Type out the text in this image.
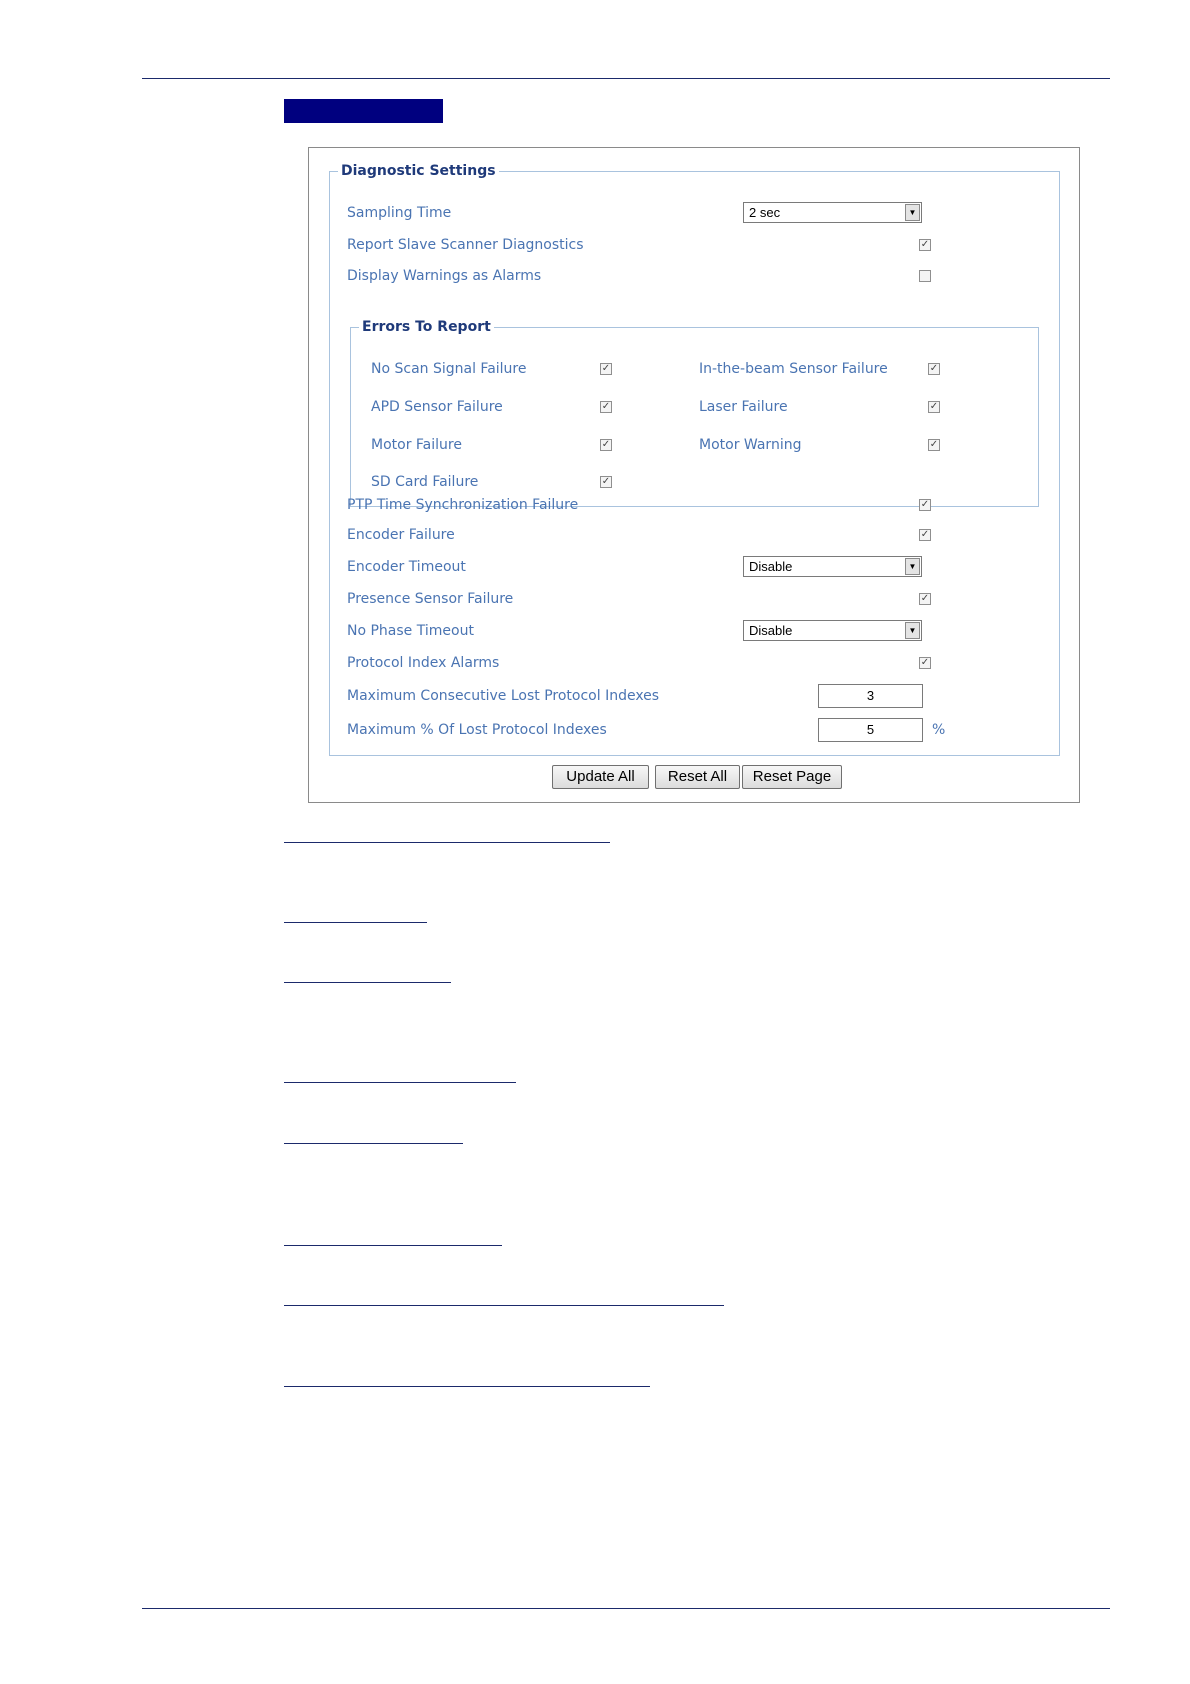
Diagnostic Settings
Sampling Time	2 sec	▼
Report Slave Scanner Diagnostics	✓
Display Warnings as Alarms
Errors To Report
No Scan Signal Failure	✓	In-the-beam Sensor Failure	✓
APD Sensor Failure	✓	Laser Failure	✓
Motor Failure	✓	Motor Warning	✓
SD Card Failure	✓
PTP Time Synchronization Failure	✓
Encoder Failure	✓
Encoder Timeout	Disable	▼
Presence Sensor Failure	✓
No Phase Timeout	Disable	▼
Protocol Index Alarms	✓
Maximum Consecutive Lost Protocol Indexes	3
Maximum % Of Lost Protocol Indexes	5	%
Update All	Reset All	Reset Page
